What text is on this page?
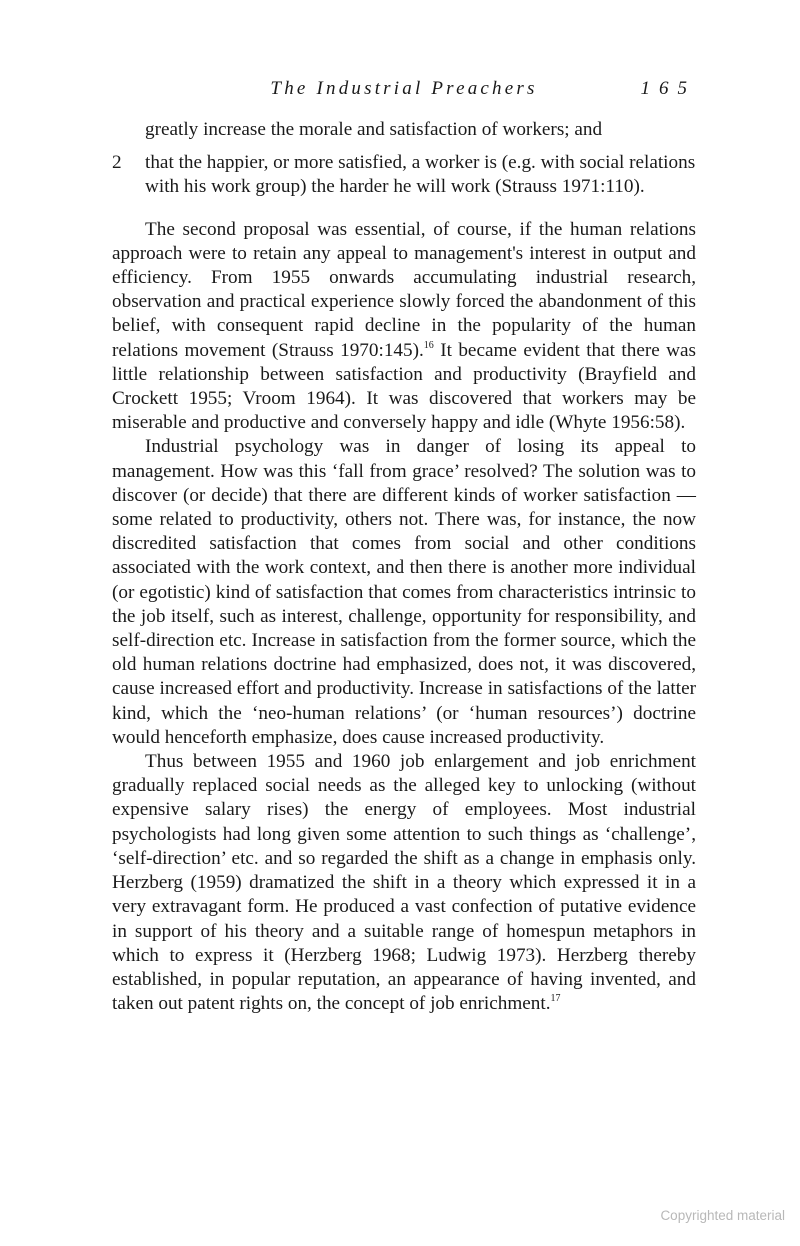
The Industrial Preachers	165
greatly increase the morale and satisfaction of workers; and
2 that the happier, or more satisfied, a worker is (e.g. with social relations with his work group) the harder he will work (Strauss 1971:110).

The second proposal was essential, of course, if the human relations approach were to retain any appeal to management's interest in output and efficiency. From 1955 onwards accumulating industrial research, observation and practical experience slowly forced the abandonment of this belief, with consequent rapid decline in the popularity of the human relations movement (Strauss 1970:145).$^{16}$ It became evident that there was little relationship between satisfaction and productivity (Brayfield and Crockett 1955; Vroom 1964). It was discovered that workers may be miserable and productive and conversely happy and idle (Whyte 1956:58).

Industrial psychology was in danger of losing its appeal to management. How was this ‘fall from grace’ resolved? The solution was to discover (or decide) that there are different kinds of worker satisfaction — some related to productivity, others not. There was, for instance, the now discredited satisfaction that comes from social and other conditions associated with the work context, and then there is another more individual (or egotistic) kind of satisfaction that comes from characteristics intrinsic to the job itself, such as interest, challenge, opportunity for responsibility, and self-direction etc. Increase in satisfaction from the former source, which the old human relations doctrine had emphasized, does not, it was discovered, cause increased effort and productivity. Increase in satisfactions of the latter kind, which the ‘neo-human relations’ (or ‘human resources’) doctrine would henceforth emphasize, does cause increased productivity.

Thus between 1955 and 1960 job enlargement and job enrichment gradually replaced social needs as the alleged key to unlocking (without expensive salary rises) the energy of employees. Most industrial psychologists had long given some attention to such things as ‘challenge’, ‘self-direction’ etc. and so regarded the shift as a change in emphasis only. Herzberg (1959) dramatized the shift in a theory which expressed it in a very extravagant form. He produced a vast confection of putative evidence in support of his theory and a suitable range of homespun metaphors in which to express it (Herzberg 1968; Ludwig 1973). Herzberg thereby established, in popular reputation, an appearance of having invented, and taken out patent rights on, the concept of job enrichment.$^{17}$

Copyrighted material
